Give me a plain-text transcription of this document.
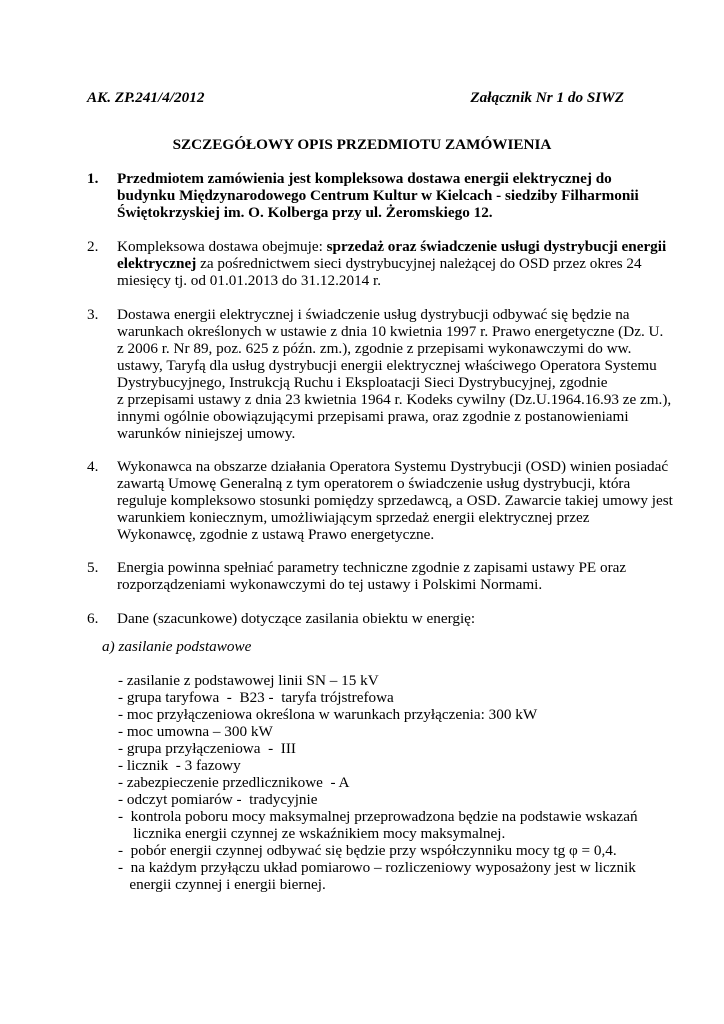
AK. ZP.241/4/2012	Załącznik Nr 1 do SIWZ
SZCZEGÓŁOWY OPIS PRZEDMIOTU ZAMÓWIENIA
1. Przedmiotem zamówienia jest kompleksowa dostawa energii elektrycznej do
budynku Międzynarodowego Centrum Kultur w Kielcach - siedziby Filharmonii
Świętokrzyskiej im. O. Kolberga przy ul. Żeromskiego 12.
2. Kompleksowa dostawa obejmuje: sprzedaż oraz świadczenie usługi dystrybucji energii
elektrycznej za pośrednictwem sieci dystrybucyjnej należącej do OSD przez okres 24
miesięcy tj. od 01.01.2013 do 31.12.2014 r.
3. Dostawa energii elektrycznej i świadczenie usług dystrybucji odbywać się będzie na
warunkach określonych w ustawie z dnia 10 kwietnia 1997 r. Prawo energetyczne (Dz. U.
z 2006 r. Nr 89, poz. 625 z późn. zm.), zgodnie z przepisami wykonawczymi do ww.
ustawy, Taryfą dla usług dystrybucji energii elektrycznej właściwego Operatora Systemu
Dystrybucyjnego, Instrukcją Ruchu i Eksploatacji Sieci Dystrybucyjnej, zgodnie
z przepisami ustawy z dnia 23 kwietnia 1964 r. Kodeks cywilny (Dz.U.1964.16.93 ze zm.),
innymi ogólnie obowiązującymi przepisami prawa, oraz zgodnie z postanowieniami
warunków niniejszej umowy.
4. Wykonawca na obszarze działania Operatora Systemu Dystrybucji (OSD) winien posiadać
zawartą Umowę Generalną z tym operatorem o świadczenie usług dystrybucji, która
reguluje kompleksowo stosunki pomiędzy sprzedawcą, a OSD. Zawarcie takiej umowy jest
warunkiem koniecznym, umożliwiającym sprzedaż energii elektrycznej przez
Wykonawcę, zgodnie z ustawą Prawo energetyczne.
5. Energia powinna spełniać parametry techniczne zgodnie z zapisami ustawy PE oraz
rozporządzeniami wykonawczymi do tej ustawy i Polskimi Normami.
6. Dane (szacunkowe) dotyczące zasilania obiektu w energię:
a) zasilanie podstawowe
- zasilanie z podstawowej linii SN – 15 kV
- grupa taryfowa  -  B23 -  taryfa trójstrefowa
- moc przyłączeniowa określona w warunkach przyłączenia: 300 kW
- moc umowna – 300 kW
- grupa przyłączeniowa  -  III
- licznik  - 3 fazowy
- zabezpieczenie przedlicznikowe  - A
- odczyt pomiarów -  tradycyjnie
-  kontrola poboru mocy maksymalnej przeprowadzona będzie na podstawie wskazań
licznika energii czynnej ze wskaźnikiem mocy maksymalnej.
-  pobór energii czynnej odbywać się będzie przy współczynniku mocy tg φ = 0,4.
-  na każdym przyłączu układ pomiarowo – rozliczeniowy wyposażony jest w licznik
energii czynnej i energii biernej.
